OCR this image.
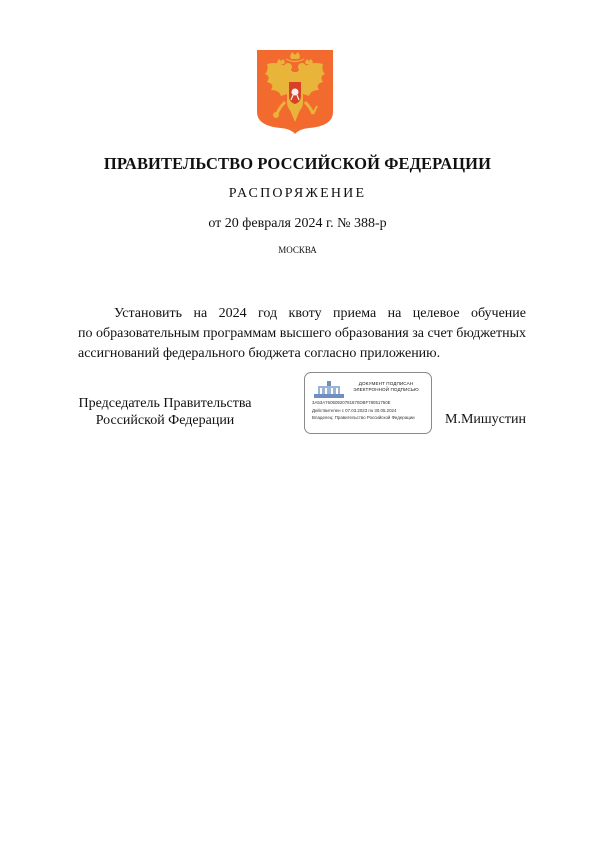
ПРАВИТЕЛЬСТВО РОССИЙСКОЙ ФЕДЕРАЦИИ
РАСПОРЯЖЕНИЕ
от 20 февраля 2024 г. № 388-р
МОСКВА
Установить на 2024 год квоту приема на целевое обучение
по образовательным программам высшего образования за счет бюджетных
ассигнований федерального бюджета согласно приложению.
Председатель Правительства
Российской Федерации
ДОКУМЕНТ ПОДПИСАН
ЭЛЕКТРОННОЙ ПОДПИСЬЮ
3A53A76050920781870DBF78051750E
Действителен с 07.03.2023 по 30.05.2024
Владелец: Правительство Российской Федерации	М.Мишустин
